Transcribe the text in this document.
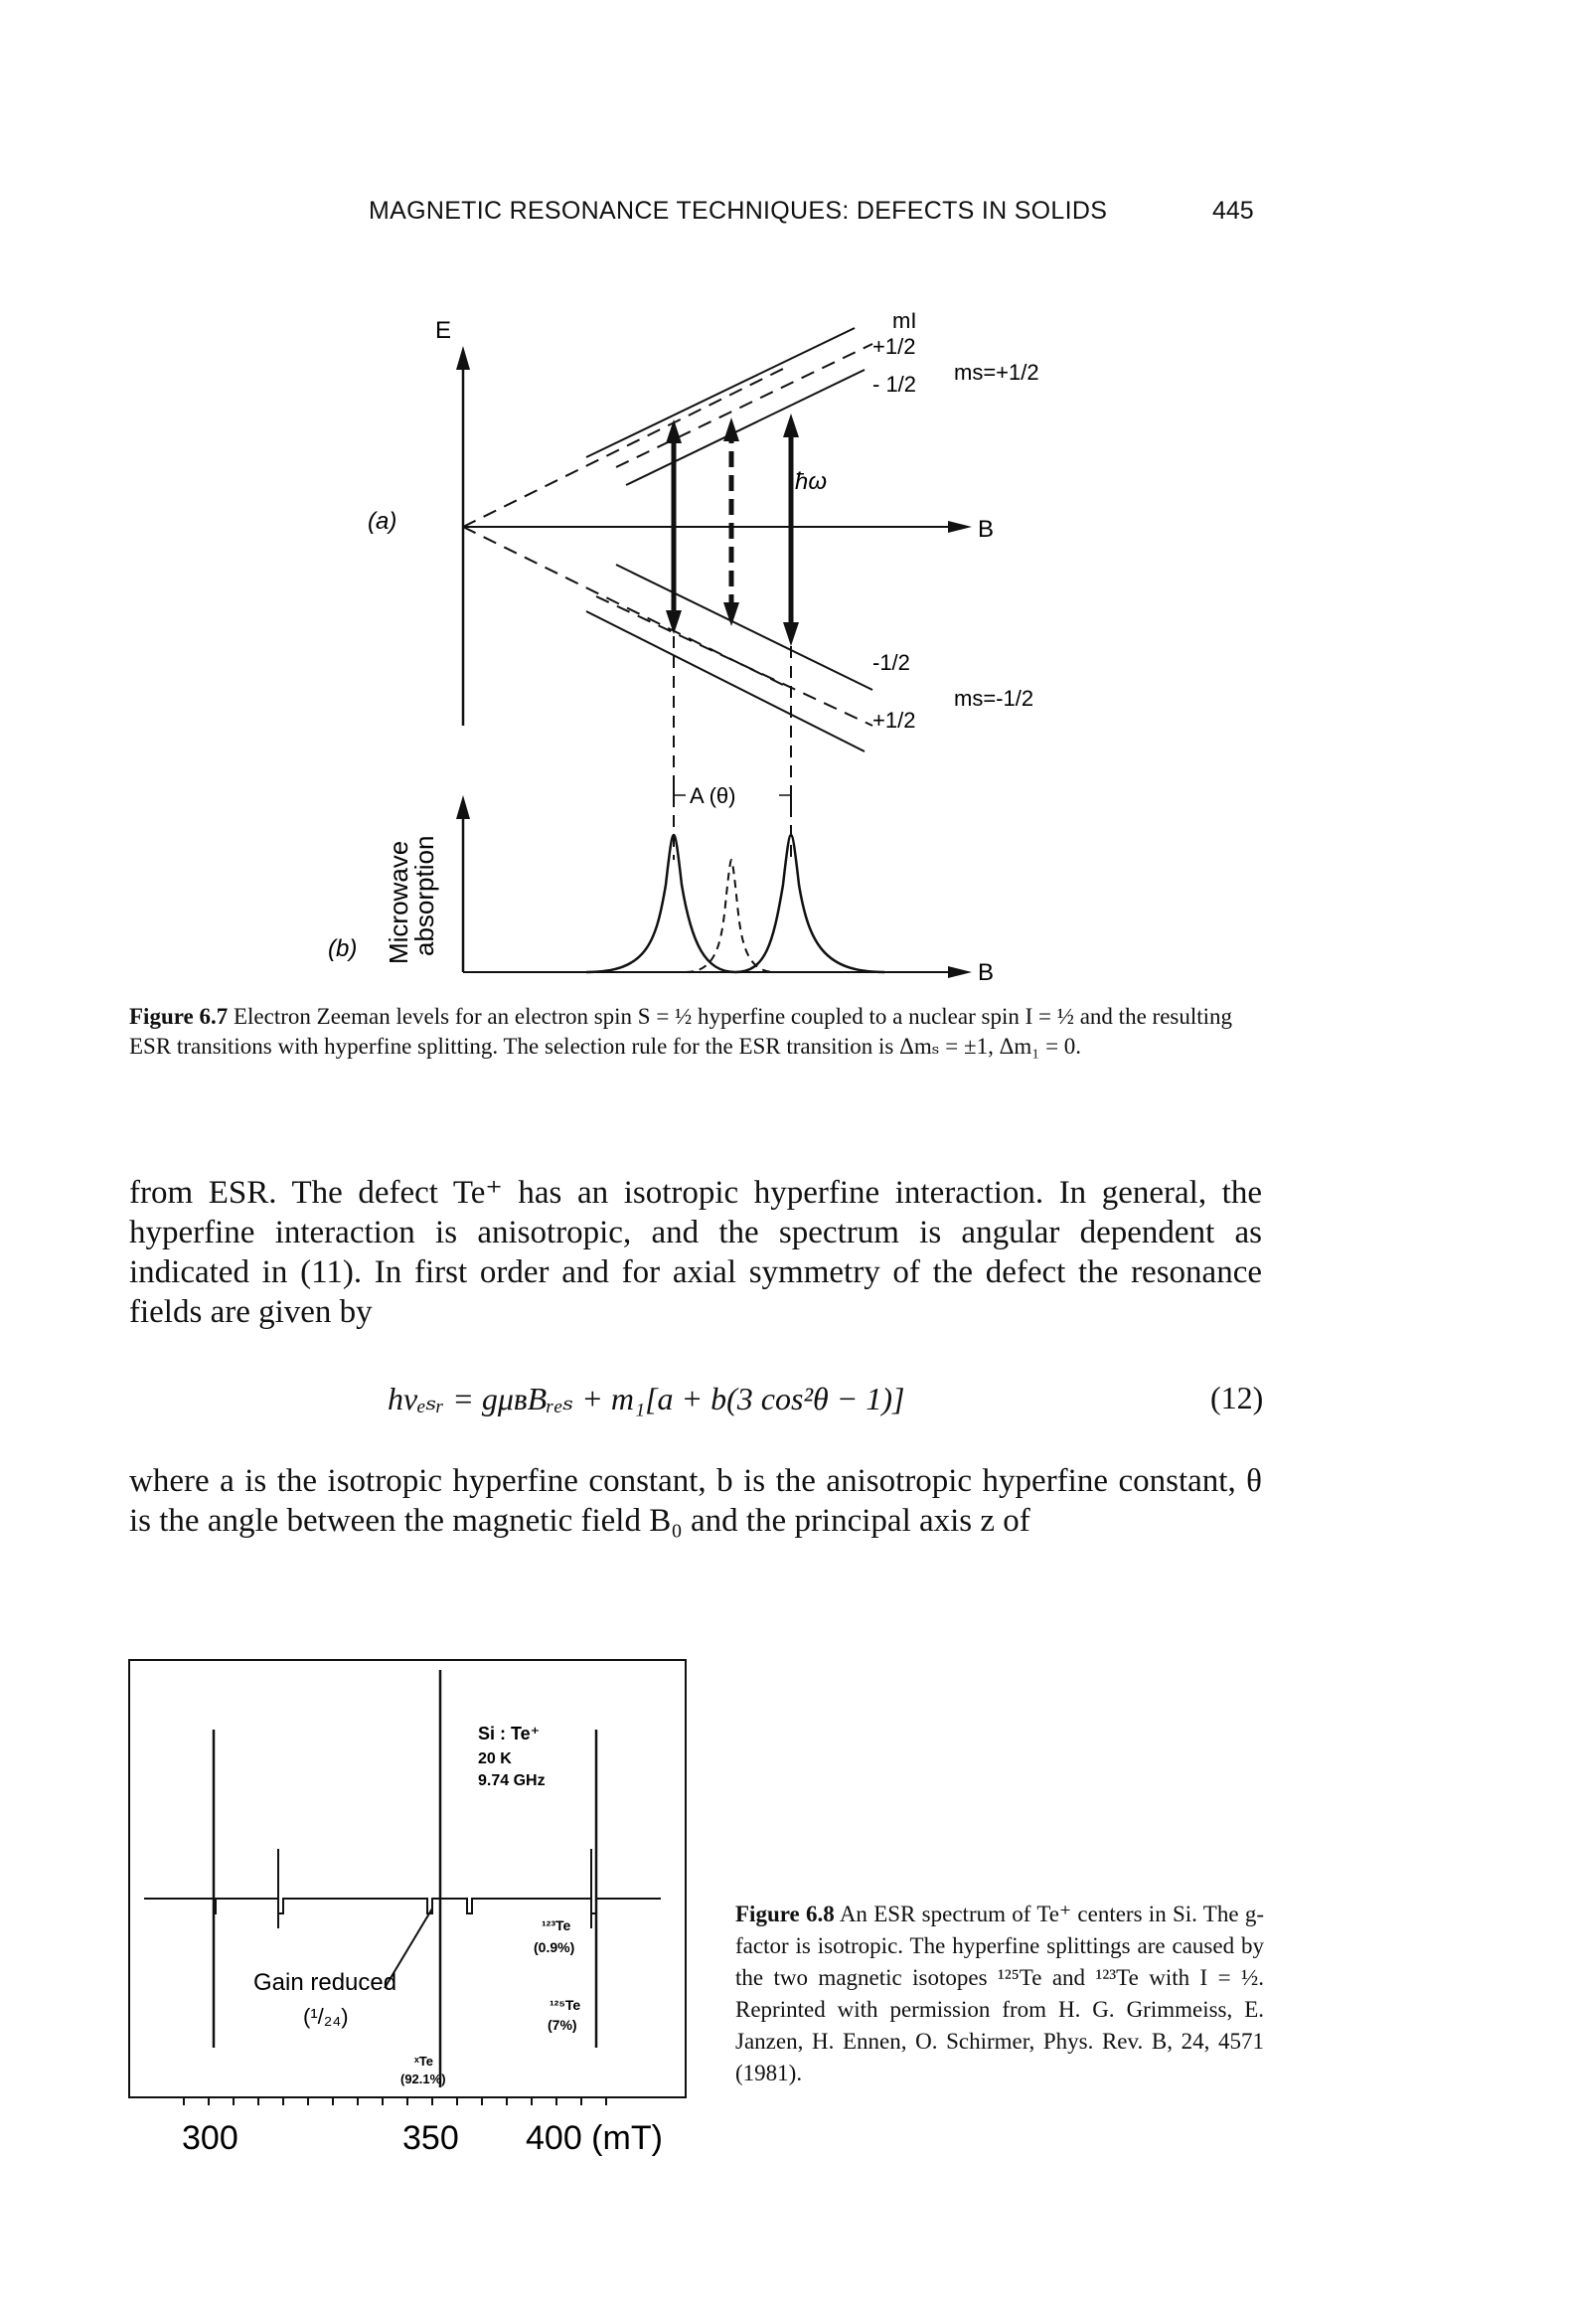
MAGNETIC RESONANCE TECHNIQUES: DEFECTS IN SOLIDS	445
(a)
E
B
mI
+1/2
- 1/2 ms=+1/2
-1/2
+1/2
ms=-1/2
ħω
A (θ)
(b) Microwave
absorption
B
Figure 6.7 Electron Zeeman levels for an electron spin S = ½ hyperfine coupled to a nuclear spin I = ½ and the resulting ESR transitions with hyperfine splitting. The selection rule for the ESR transition is Δmₛ = ±1, Δm₁ = 0.
from ESR. The defect Te⁺ has an isotropic hyperfine interaction. In general, the hyperfine interaction is anisotropic, and the spectrum is angular dependent as indicated in (11). In first order and for axial symmetry of the defect the resonance fields are given by
hνₑₛᵣ = gμʙBᵣₑₛ + m₁[a + b(3 cos²θ − 1)]	(12)
where a is the isotropic hyperfine constant, b is the anisotropic hyperfine constant, θ is the angle between the magnetic field B₀ and the principal axis z of
Si : Te⁺
20 K
9.74 GHz
Gain reduced
(¹/₂₄)
¹²³Te
(0.9%)
¹²⁵Te
(7%)
ˣTe
(92.1%)
300	350 400 (mT)
Figure 6.8 An ESR spectrum of Te⁺ centers in Si. The g-factor is isotropic. The hyperfine splittings are caused by the two magnetic isotopes ¹²⁵Te and ¹²³Te with I = ½. Reprinted with permission from H. G. Grimmeiss, E. Janzen, H. Ennen, O. Schirmer, Phys. Rev. B, 24, 4571 (1981).
